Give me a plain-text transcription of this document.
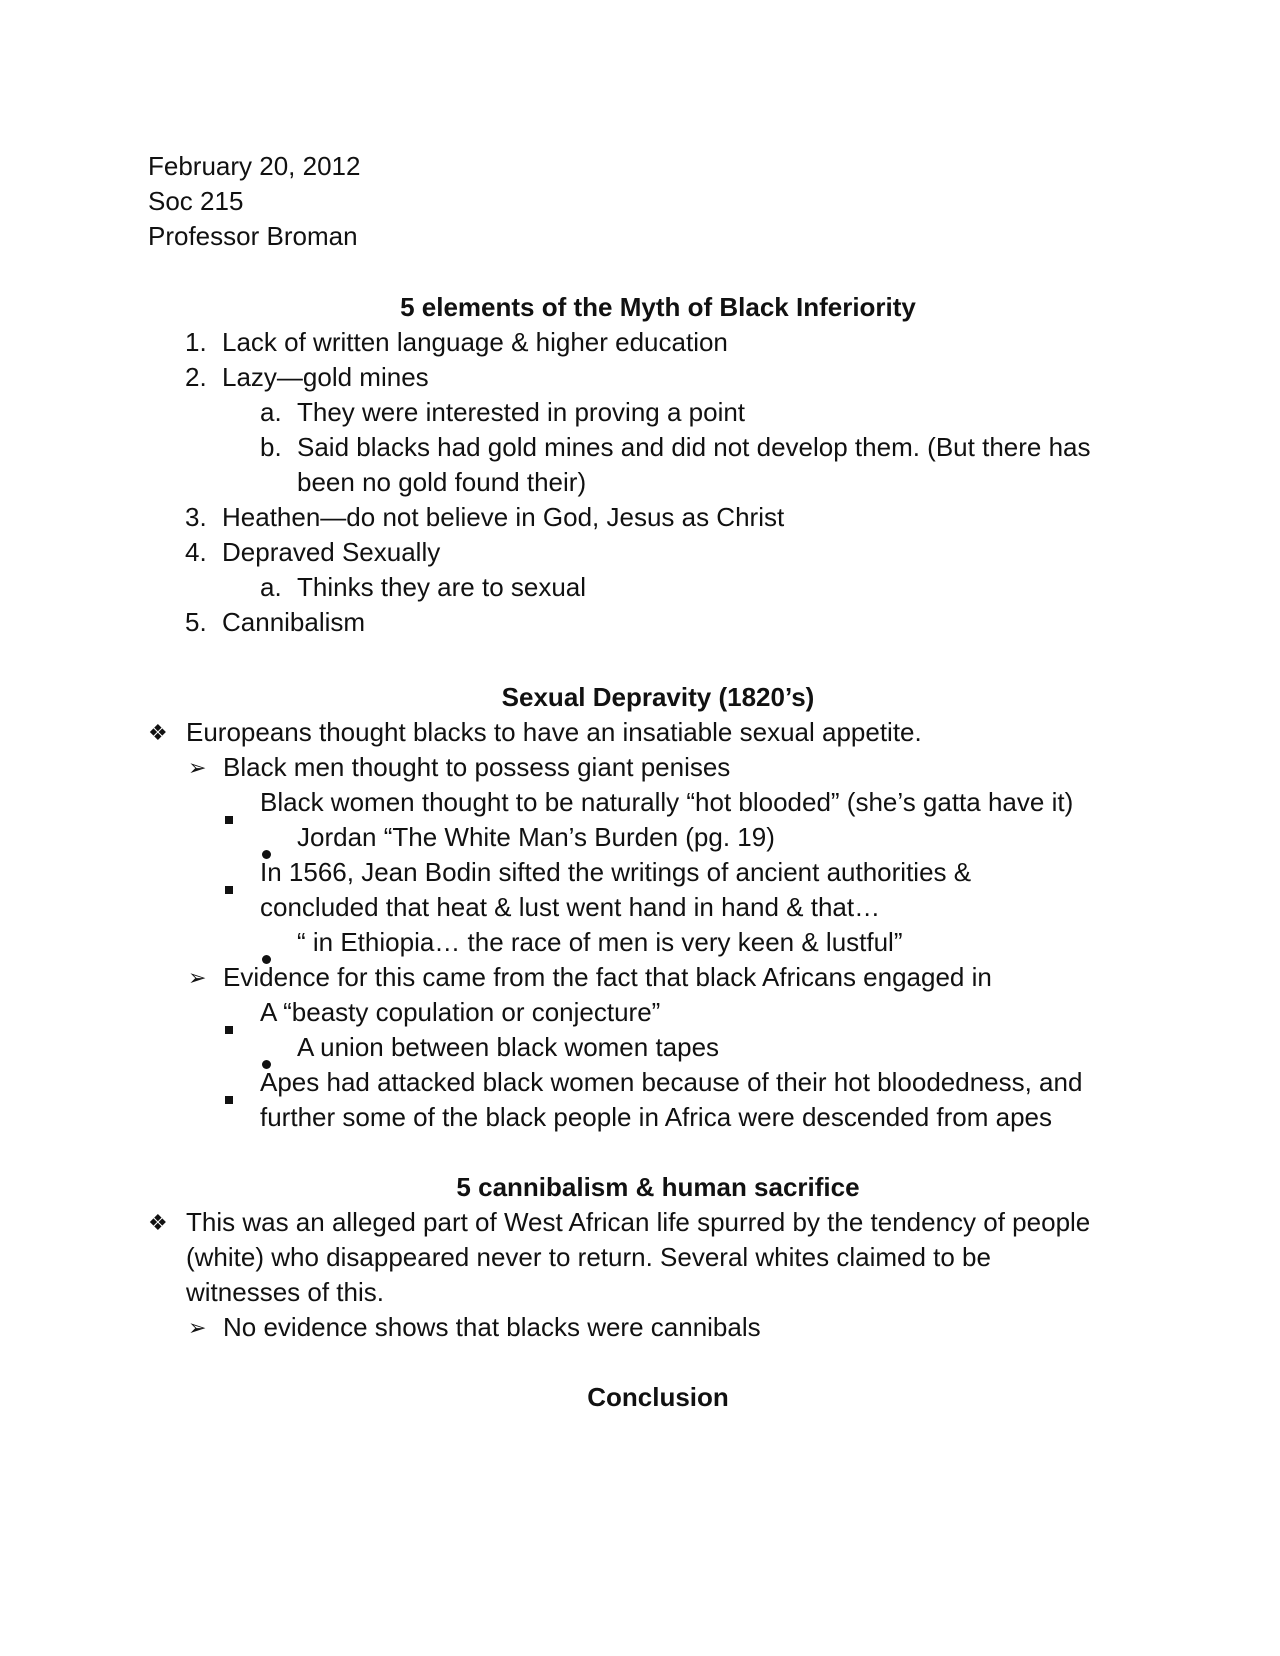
February 20, 2012
Soc 215
Professor Broman
5 elements of the Myth of Black Inferiority
1. Lack of written language & higher education
2. Lazy—gold mines
a. They were interested in proving a point
b. Said blacks had gold mines and did not develop them. (But there has
been no gold found their)
3. Heathen—do not believe in God, Jesus as Christ
4. Depraved Sexually
a. Thinks they are to sexual
5. Cannibalism
Sexual Depravity (1820’s)
❖ Europeans thought blacks to have an insatiable sexual appetite.
➢ Black men thought to possess giant penises
Black women thought to be naturally “hot blooded” (she’s gatta have it)
Jordan “The White Man’s Burden (pg. 19)
In 1566, Jean Bodin sifted the writings of ancient authorities &
concluded that heat & lust went hand in hand & that…
“ in Ethiopia… the race of men is very keen & lustful”
➢ Evidence for this came from the fact that black Africans engaged in
A “beasty copulation or conjecture”
A union between black women tapes
Apes had attacked black women because of their hot bloodedness, and
further some of the black people in Africa were descended from apes
5 cannibalism & human sacrifice
❖ This was an alleged part of West African life spurred by the tendency of people
(white) who disappeared never to return. Several whites claimed to be
witnesses of this.
➢ No evidence shows that blacks were cannibals
Conclusion
